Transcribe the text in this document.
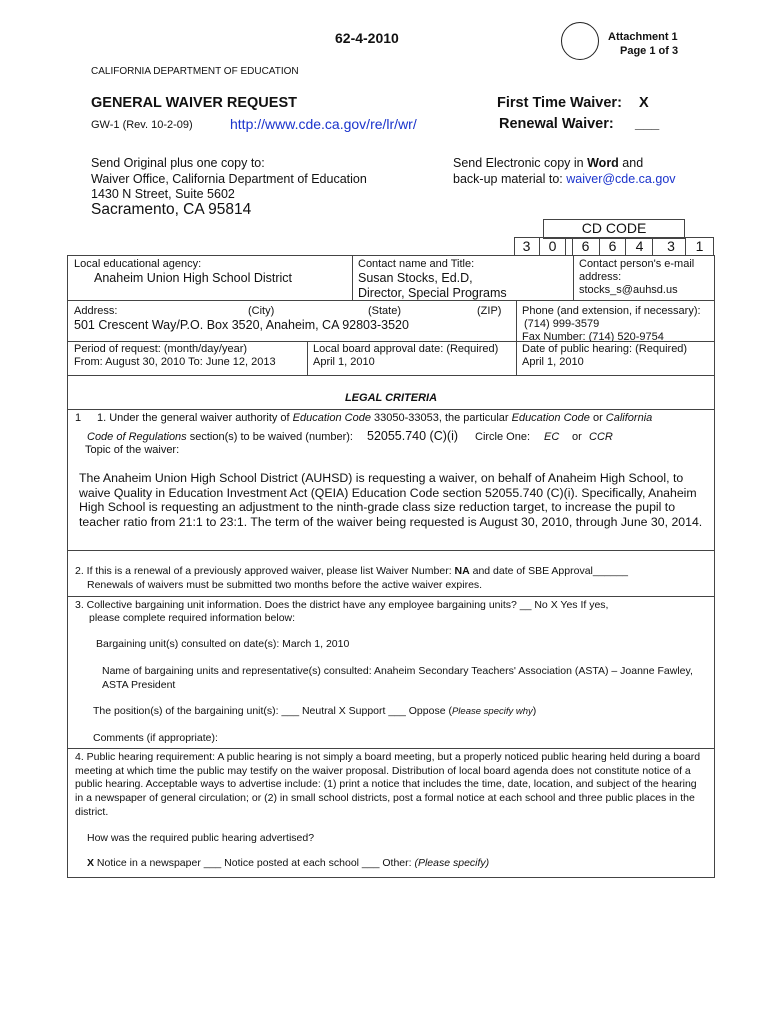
62-4-2010	Attachment 1
Page 1 of 3
CALIFORNIA DEPARTMENT OF EDUCATION
GENERAL WAIVER REQUEST
GW-1 (Rev. 10-2-09)	http://www.cde.ca.gov/re/lr/wr/
First Time Waiver: X
Renewal Waiver: ___
Send Original plus one copy to:
Waiver Office, California Department of Education
1430 N Street, Suite 5602
Sacramento, CA 95814
Send Electronic copy in Word and
back-up material to: waiver@cde.ca.gov
CD CODE
3	0	6	6	4	3	1
Local educational agency:
Anaheim Union High School District
Contact name and Title:
Susan Stocks, Ed.D,
Director, Special Programs
Contact person's e-mail
address:
stocks_s@auhsd.us
Address:	(City)	(State)	(ZIP)
501 Crescent Way/P.O. Box 3520, Anaheim, CA 92803-3520
Phone (and extension, if necessary):
(714) 999-3579
Fax Number: (714) 520-9754
Period of request: (month/day/year)
From: August 30, 2010 To: June 12, 2013
Local board approval date: (Required)
April 1, 2010
Date of public hearing: (Required)
April 1, 2010
LEGAL CRITERIA
1 1. Under the general waiver authority of Education Code 33050-33053, the particular Education Code or California
Code of Regulations section(s) to be waived (number): 52055.740 (C)(i) Circle One: EC or CCR
Topic of the waiver:
The Anaheim Union High School District (AUHSD) is requesting a waiver, on behalf of Anaheim High School, to waive Quality in Education Investment Act (QEIA) Education Code section 52055.740 (C)(i). Specifically, Anaheim High School is requesting an adjustment to the ninth-grade class size reduction target, to increase the pupil to teacher ratio from 21:1 to 23:1. The term of the waiver being requested is August 30, 2010, through June 30, 2014.
2. If this is a renewal of a previously approved waiver, please list Waiver Number: NA and date of SBE Approval______
Renewals of waivers must be submitted two months before the active waiver expires.
3. Collective bargaining unit information. Does the district have any employee bargaining units? __ No X Yes If yes,
please complete required information below:
Bargaining unit(s) consulted on date(s): March 1, 2010
Name of bargaining units and representative(s) consulted: Anaheim Secondary Teachers' Association (ASTA) – Joanne Fawley, ASTA President
The position(s) of the bargaining unit(s): ___ Neutral X Support ___ Oppose (Please specify why)
Comments (if appropriate):
4. Public hearing requirement: A public hearing is not simply a board meeting, but a properly noticed public hearing held during a board meeting at which time the public may testify on the waiver proposal. Distribution of local board agenda does not constitute notice of a public hearing. Acceptable ways to advertise include: (1) print a notice that includes the time, date, location, and subject of the hearing in a newspaper of general circulation; or (2) in small school districts, post a formal notice at each school and three public places in the district.
How was the required public hearing advertised?
X Notice in a newspaper ___ Notice posted at each school ___ Other: (Please specify)
